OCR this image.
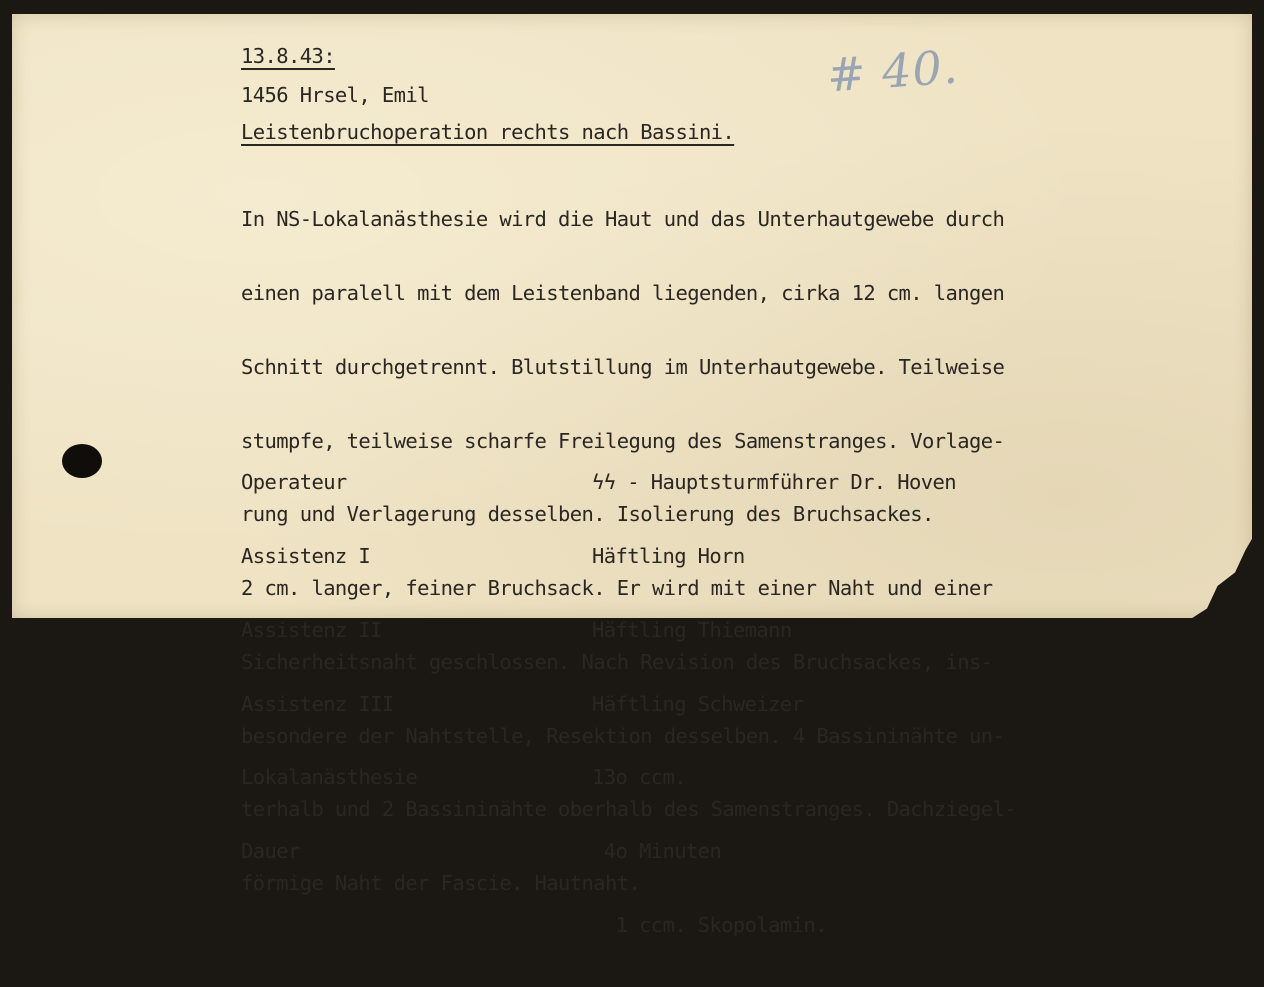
13.8.43:
1456 Hrsel, Emil	# 40.
Leistenbruchoperation rechts nach Bassini.

In NS-Lokalanästhesie wird die Haut und das Unterhautgewebe durch

einen paralell mit dem Leistenband liegenden, cirka 12 cm. langen

Schnitt durchgetrennt. Blutstillung im Unterhautgewebe. Teilweise

stumpfe, teilweise scharfe Freilegung des Samenstranges. Vorlage-

rung und Verlagerung desselben. Isolierung des Bruchsackes.

2 cm. langer, feiner Bruchsack. Er wird mit einer Naht und einer

Sicherheitsnaht geschlossen. Nach Revision des Bruchsackes, ins-

besondere der Nahtstelle, Resektion desselben. 4 Bassininähte un-

terhalb und 2 Bassininähte oberhalb des Samenstranges. Dachziegel-

förmige Naht der Fascie. Hautnaht.

Operateur

Assistenz I

Assistenz II

Assistenz III

Lokalanästhesie

Dauer

ϟϟ - Hauptsturmführer Dr. Hoven

Häftling Horn

Häftling Thiemann

Häftling Schweizer

13o ccm.

4o Minuten

1 ccm. Skopolamin.
